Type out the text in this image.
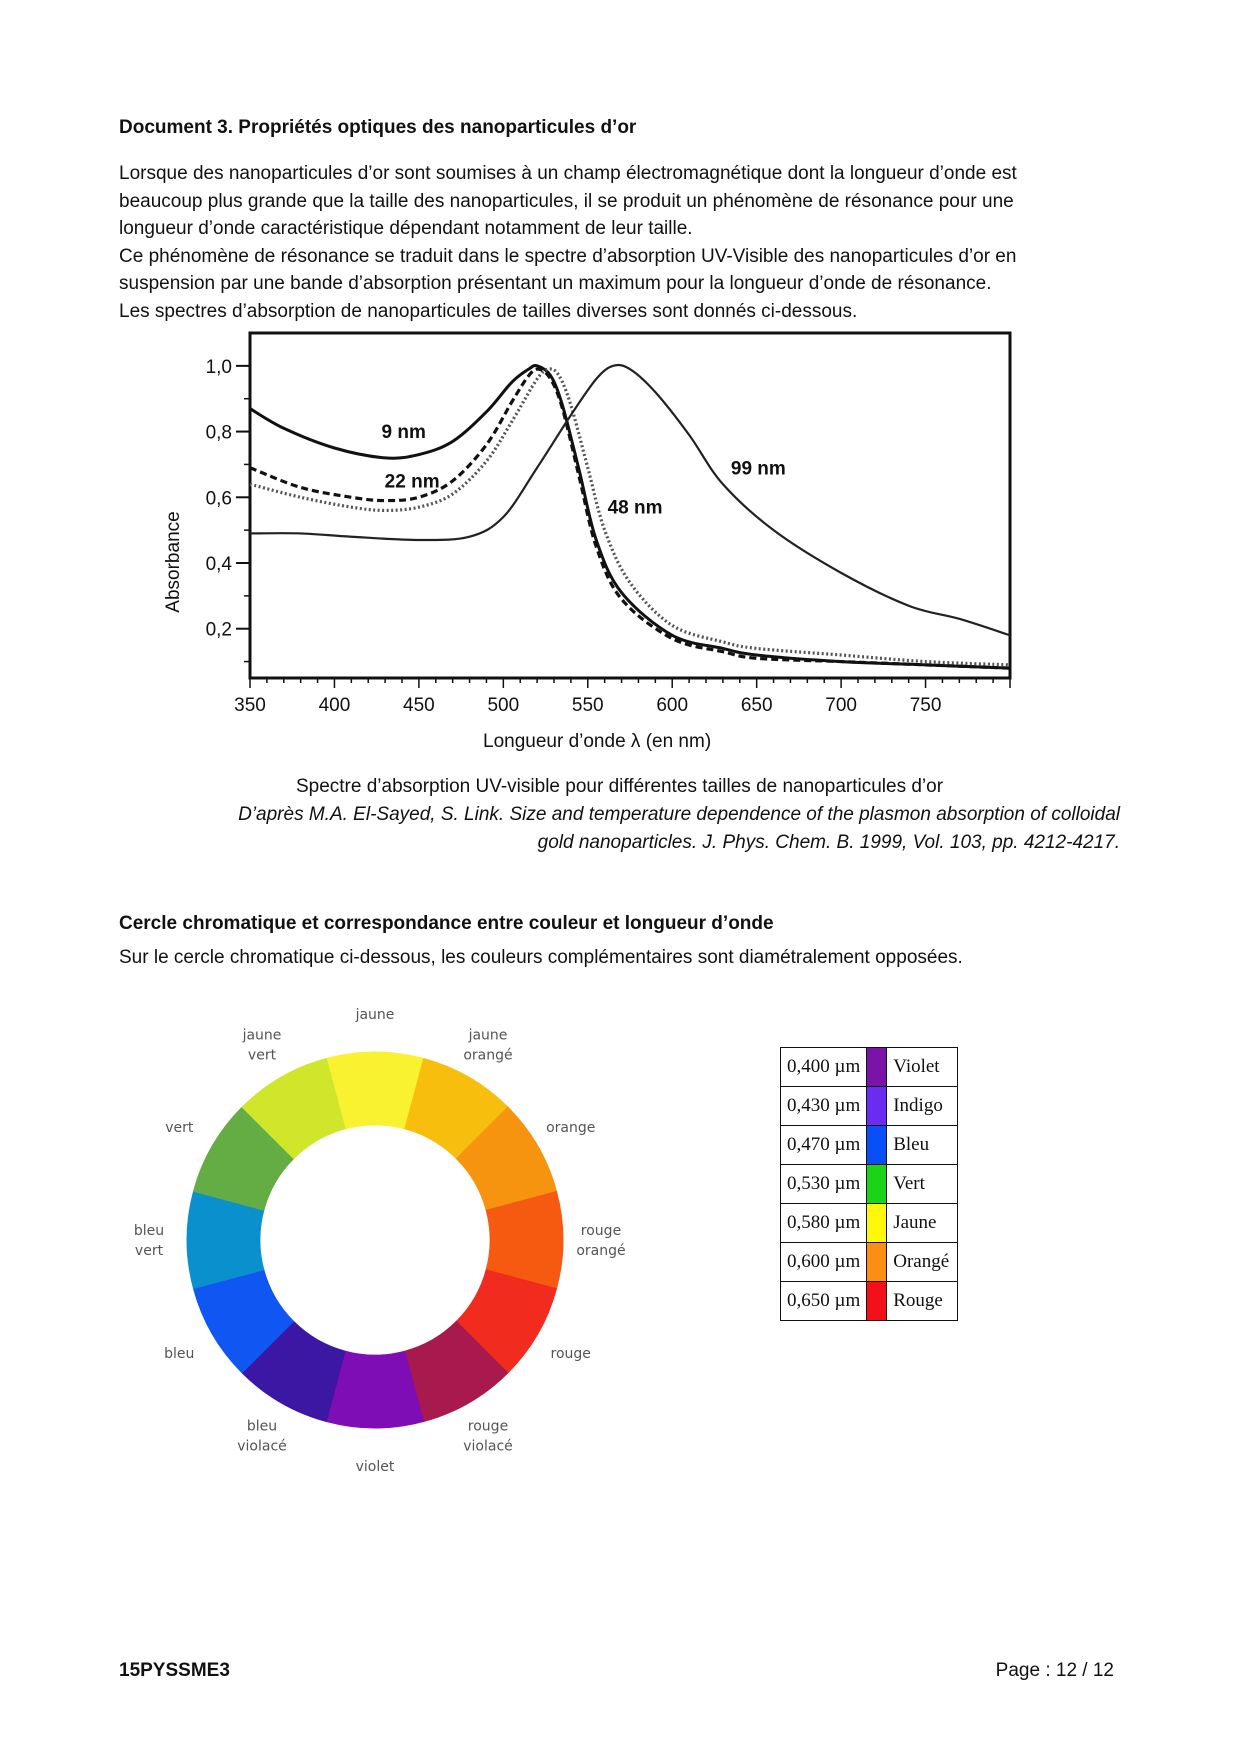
Document 3. Propriétés optiques des nanoparticules d’or
Lorsque des nanoparticules d’or sont soumises à un champ électromagnétique dont la longueur d’onde est
beaucoup plus grande que la taille des nanoparticules, il se produit un phénomène de résonance pour une
longueur d’onde caractéristique dépendant notamment de leur taille.
Ce phénomène de résonance se traduit dans le spectre d’absorption UV-Visible des nanoparticules d’or en
suspension par une bande d’absorption présentant un maximum pour la longueur d’onde de résonance.
Les spectres d’absorption de nanoparticules de tailles diverses sont donnés ci-dessous.
1,0
0,8
0,6
0,4
0,2
350	400	450	500	550	600	650	700	750
9 nm
22 nm
48 nm
99 nm
Longueur d’onde λ (en nm)
Absorbance
Spectre d’absorption UV-visible pour différentes tailles de nanoparticules d’or
D’après M.A. El-Sayed, S. Link. Size and temperature dependence of the plasmon absorption of colloidal
gold nanoparticles. J. Phys. Chem. B. 1999, Vol. 103, pp. 4212-4217.
Cercle chromatique et correspondance entre couleur et longueur d’onde
Sur le cercle chromatique ci-dessous, les couleurs complémentaires sont diamétralement opposées.
jaune
jaune
orangé
orange
rouge
orangé
rouge
rouge
violacé
violet
bleu
violacé
bleu
bleu
vert
vert
jaune
vert
0,400 µm		Violet
0,430 µm		Indigo
0,470 µm		Bleu
0,530 µm		Vert
0,580 µm		Jaune
0,600 µm		Orangé
0,650 µm		Rouge
15PYSSME3	Page : 12 / 12
